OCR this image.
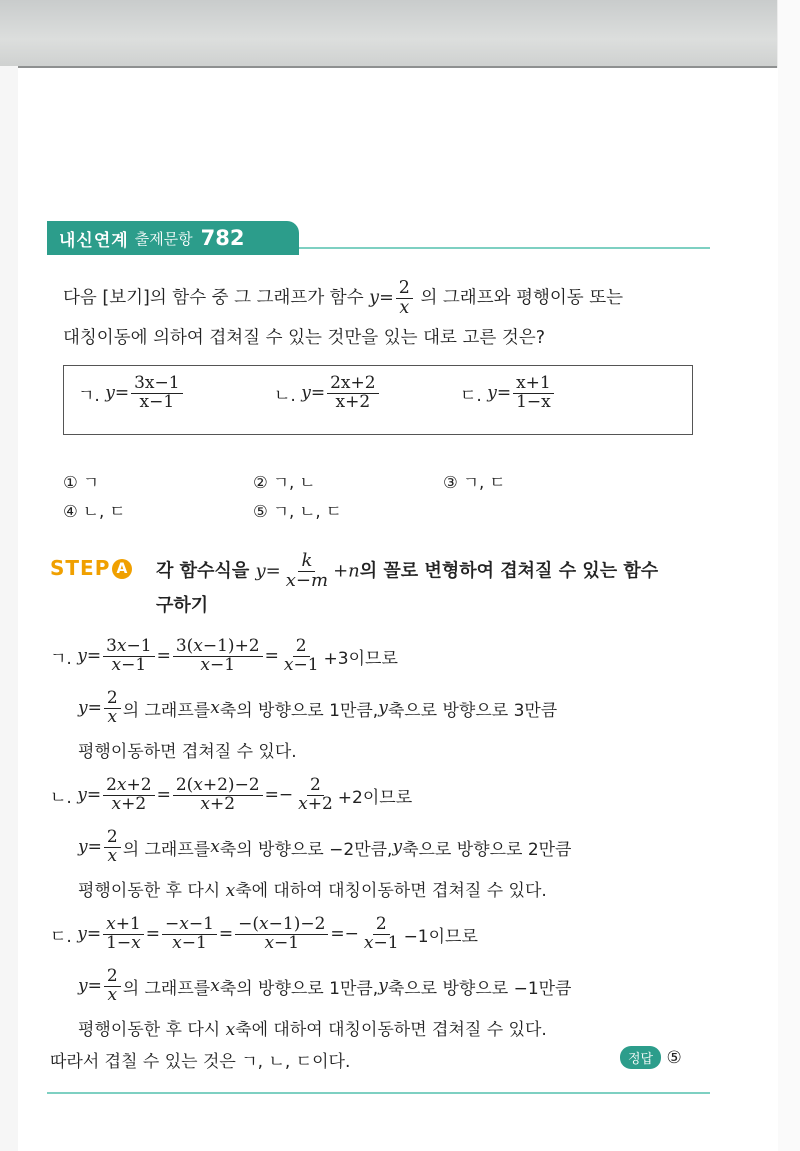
내신연계 출제문항 782
다음 [보기]의 함수 중 그 그래프가 함수 $y= \frac{2}{x}$ 의 그래프와 평행이동 또는
대칭이동에 의하여 겹쳐질 수 있는 것만을 있는 대로 고른 것은?
ㄱ.
$y = \frac{3x-1}{x-1}$	ㄴ.
$y = \frac{2x+2}{x+2}$	ㄷ.
$y = \frac{x+1}{1-x}$
① ㄱ	② ㄱ, ㄴ	③ ㄱ, ㄷ
④ ㄴ, ㄷ	⑤ ㄱ, ㄴ, ㄷ
STEP A 각 함수식을 $y= \frac{k}{x-m} +n$의 꼴로 변형하여 겹쳐질 수 있는 함수
구하기
ㄱ.
$y = \frac{3x-1}{x-1} = \frac{3(x-1)+2}{x-1} = \frac{2}{x-1} +3$이므로
$y = \frac{2}{x}$ 의 그래프를 x 축의 방향으로 1만큼, y 축으로 방향으로 3만큼
평행이동하면 겹쳐질 수 있다.
ㄴ.
$y = \frac{2x+2}{x+2} = \frac{2(x+2)-2}{x+2} =- \frac{2}{x+2} +2$이므로
$y = \frac{2}{x}$ 의 그래프를 x 축의 방향으로 −2만큼, y 축으로 방향으로 2만큼
평행이동한 후 다시 x축에 대하여 대칭이동하면 겹쳐질 수 있다.
ㄷ.
$y = \frac{x+1}{1-x} = \frac{-x-1}{x-1} = \frac{-(x-1)-2}{x-1} =- \frac{2}{x-1} -1$이므로
$y = \frac{2}{x}$ 의 그래프를 x 축의 방향으로 1만큼, y 축으로 방향으로 −1만큼
평행이동한 후 다시 x축에 대하여 대칭이동하면 겹쳐질 수 있다.
따라서 겹칠 수 있는 것은 ㄱ, ㄴ, ㄷ이다.	정답
⑤
